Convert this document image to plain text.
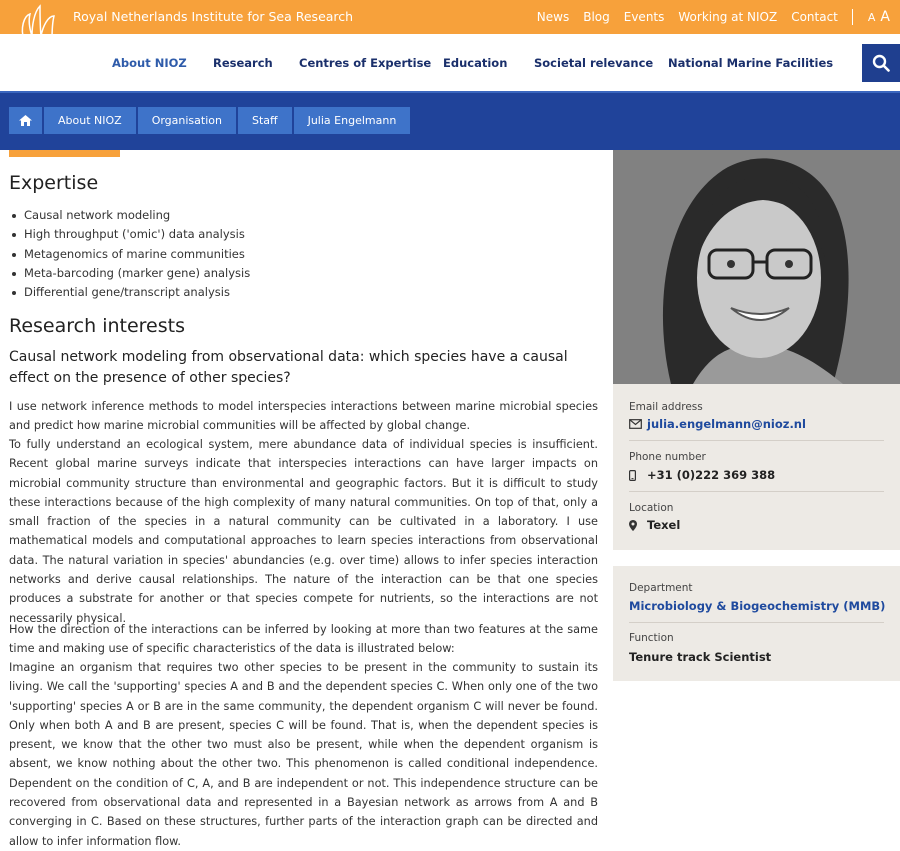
Royal Netherlands Institute for Sea Research	News Blog Events Working at NIOZ Contact	A A
About NIOZ Research Centres of Expertise Education Societal relevance National Marine Facilities
About NIOZ	Organisation	Staff	Julia Engelmann
Expertise
Causal network modeling
High throughput ('omic') data analysis
Metagenomics of marine communities
Meta-barcoding (marker gene) analysis
Differential gene/transcript analysis
Research interests
Causal network modeling from observational data: which species have a causal effect on the presence of other species?

I use network inference methods to model interspecies interactions between marine microbial species and predict how marine microbial communities will be affected by global change.

To fully understand an ecological system, mere abundance data of individual species is insufficient. Recent global marine surveys indicate that interspecies interactions can have larger impacts on microbial community structure than environmental and geographic factors. But it is difficult to study these interactions because of the high complexity of many natural communities. On top of that, only a small fraction of the species in a natural community can be cultivated in a laboratory. I use mathematical models and computational approaches to learn species interactions from observational data. The natural variation in species' abundancies (e.g. over time) allows to infer species interaction networks and derive causal relationships. The nature of the interaction can be that one species produces a substrate for another or that species compete for nutrients, so the interactions are not necessarily physical.

How the direction of the interactions can be inferred by looking at more than two features at the same time and making use of specific characteristics of the data is illustrated below:

Imagine an organism that requires two other species to be present in the community to sustain its living. We call the 'supporting' species A and B and the dependent species C. When only one of the two 'supporting' species A or B are in the same community, the dependent organism C will never be found. Only when both A and B are present, species C will be found. That is, when the dependent species is present, we know that the other two must also be present, while when the dependent organism is absent, we know nothing about the other two. This phenomenon is called conditional independence. Dependent on the condition of C, A, and B are independent or not. This independence structure can be recovered from observational data and represented in a Bayesian network as arrows from A and B converging in C. Based on these structures, further parts of the interaction graph can be directed and allow to infer information flow.

Email address
julia.engelmann@nioz.nl
Phone number
+31 (0)222 369 388
Location
Texel
Department
Microbiology & Biogeochemistry (MMB)
Function
Tenure track Scientist
